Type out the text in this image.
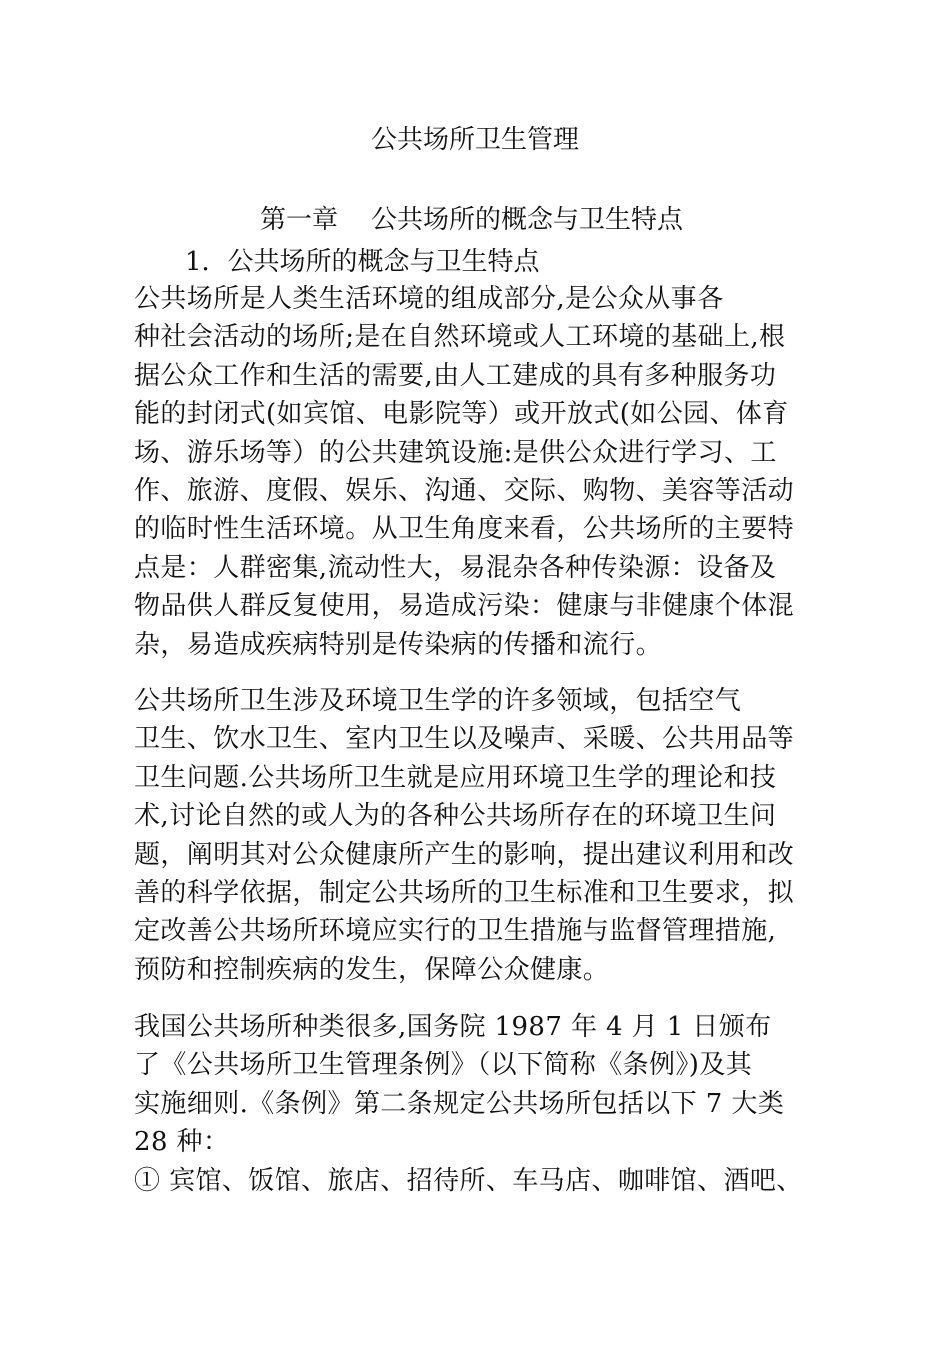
公共场所卫生管理
第一章    公共场所的概念与卫生特点
1．公共场所的概念与卫生特点
公共场所是人类生活环境的组成部分,是公众从事各
种社会活动的场所;是在自然环境或人工环境的基础上,根
据公众工作和生活的需要,由人工建成的具有多种服务功
能的封闭式(如宾馆、电影院等）或开放式(如公园、体育
场、游乐场等）的公共建筑设施:是供公众进行学习、工
作、旅游、度假、娱乐、沟通、交际、购物、美容等活动
的临时性生活环境。从卫生角度来看，公共场所的主要特
点是：人群密集,流动性大，易混杂各种传染源：设备及
物品供人群反复使用，易造成污染：健康与非健康个体混
杂，易造成疾病特别是传染病的传播和流行。
公共场所卫生涉及环境卫生学的许多领域，包括空气
卫生、饮水卫生、室内卫生以及噪声、采暖、公共用品等
卫生问题.公共场所卫生就是应用环境卫生学的理论和技
术,讨论自然的或人为的各种公共场所存在的环境卫生问
题，阐明其对公众健康所产生的影响，提出建议利用和改
善的科学依据，制定公共场所的卫生标准和卫生要求，拟
定改善公共场所环境应实行的卫生措施与监督管理措施,
预防和控制疾病的发生，保障公众健康。
我国公共场所种类很多,国务院 1987 年 4 月 1 日颁布
了《公共场所卫生管理条例》（以下简称《条例》)及其
实施细则.《条例》第二条规定公共场所包括以下 7 大类
28 种：
① 宾馆、饭馆、旅店、招待所、车马店、咖啡馆、酒吧、
